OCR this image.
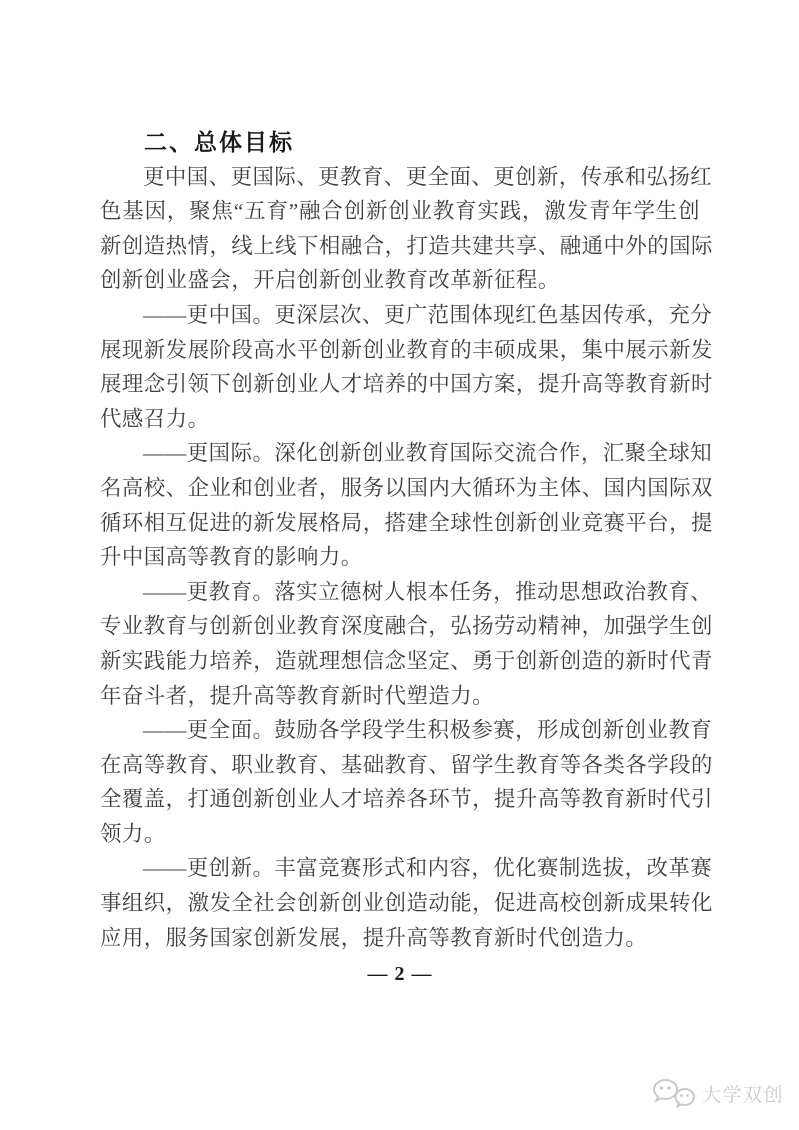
二、总体目标
更中国、更国际、更教育、更全面、更创新，传承和弘扬红
色基因，聚焦“五育”融合创新创业教育实践，激发青年学生创
新创造热情，线上线下相融合，打造共建共享、融通中外的国际
创新创业盛会，开启创新创业教育改革新征程。
——更中国。更深层次、更广范围体现红色基因传承，充分
展现新发展阶段高水平创新创业教育的丰硕成果，集中展示新发
展理念引领下创新创业人才培养的中国方案，提升高等教育新时
代感召力。
——更国际。深化创新创业教育国际交流合作，汇聚全球知
名高校、企业和创业者，服务以国内大循环为主体、国内国际双
循环相互促进的新发展格局，搭建全球性创新创业竞赛平台，提
升中国高等教育的影响力。
——更教育。落实立德树人根本任务，推动思想政治教育、
专业教育与创新创业教育深度融合，弘扬劳动精神，加强学生创
新实践能力培养，造就理想信念坚定、勇于创新创造的新时代青
年奋斗者，提升高等教育新时代塑造力。
——更全面。鼓励各学段学生积极参赛，形成创新创业教育
在高等教育、职业教育、基础教育、留学生教育等各类各学段的
全覆盖，打通创新创业人才培养各环节，提升高等教育新时代引
领力。
——更创新。丰富竞赛形式和内容，优化赛制选拔，改革赛
事组织，激发全社会创新创业创造动能，促进高校创新成果转化
应用，服务国家创新发展，提升高等教育新时代创造力。
— 2 —
大学双创
